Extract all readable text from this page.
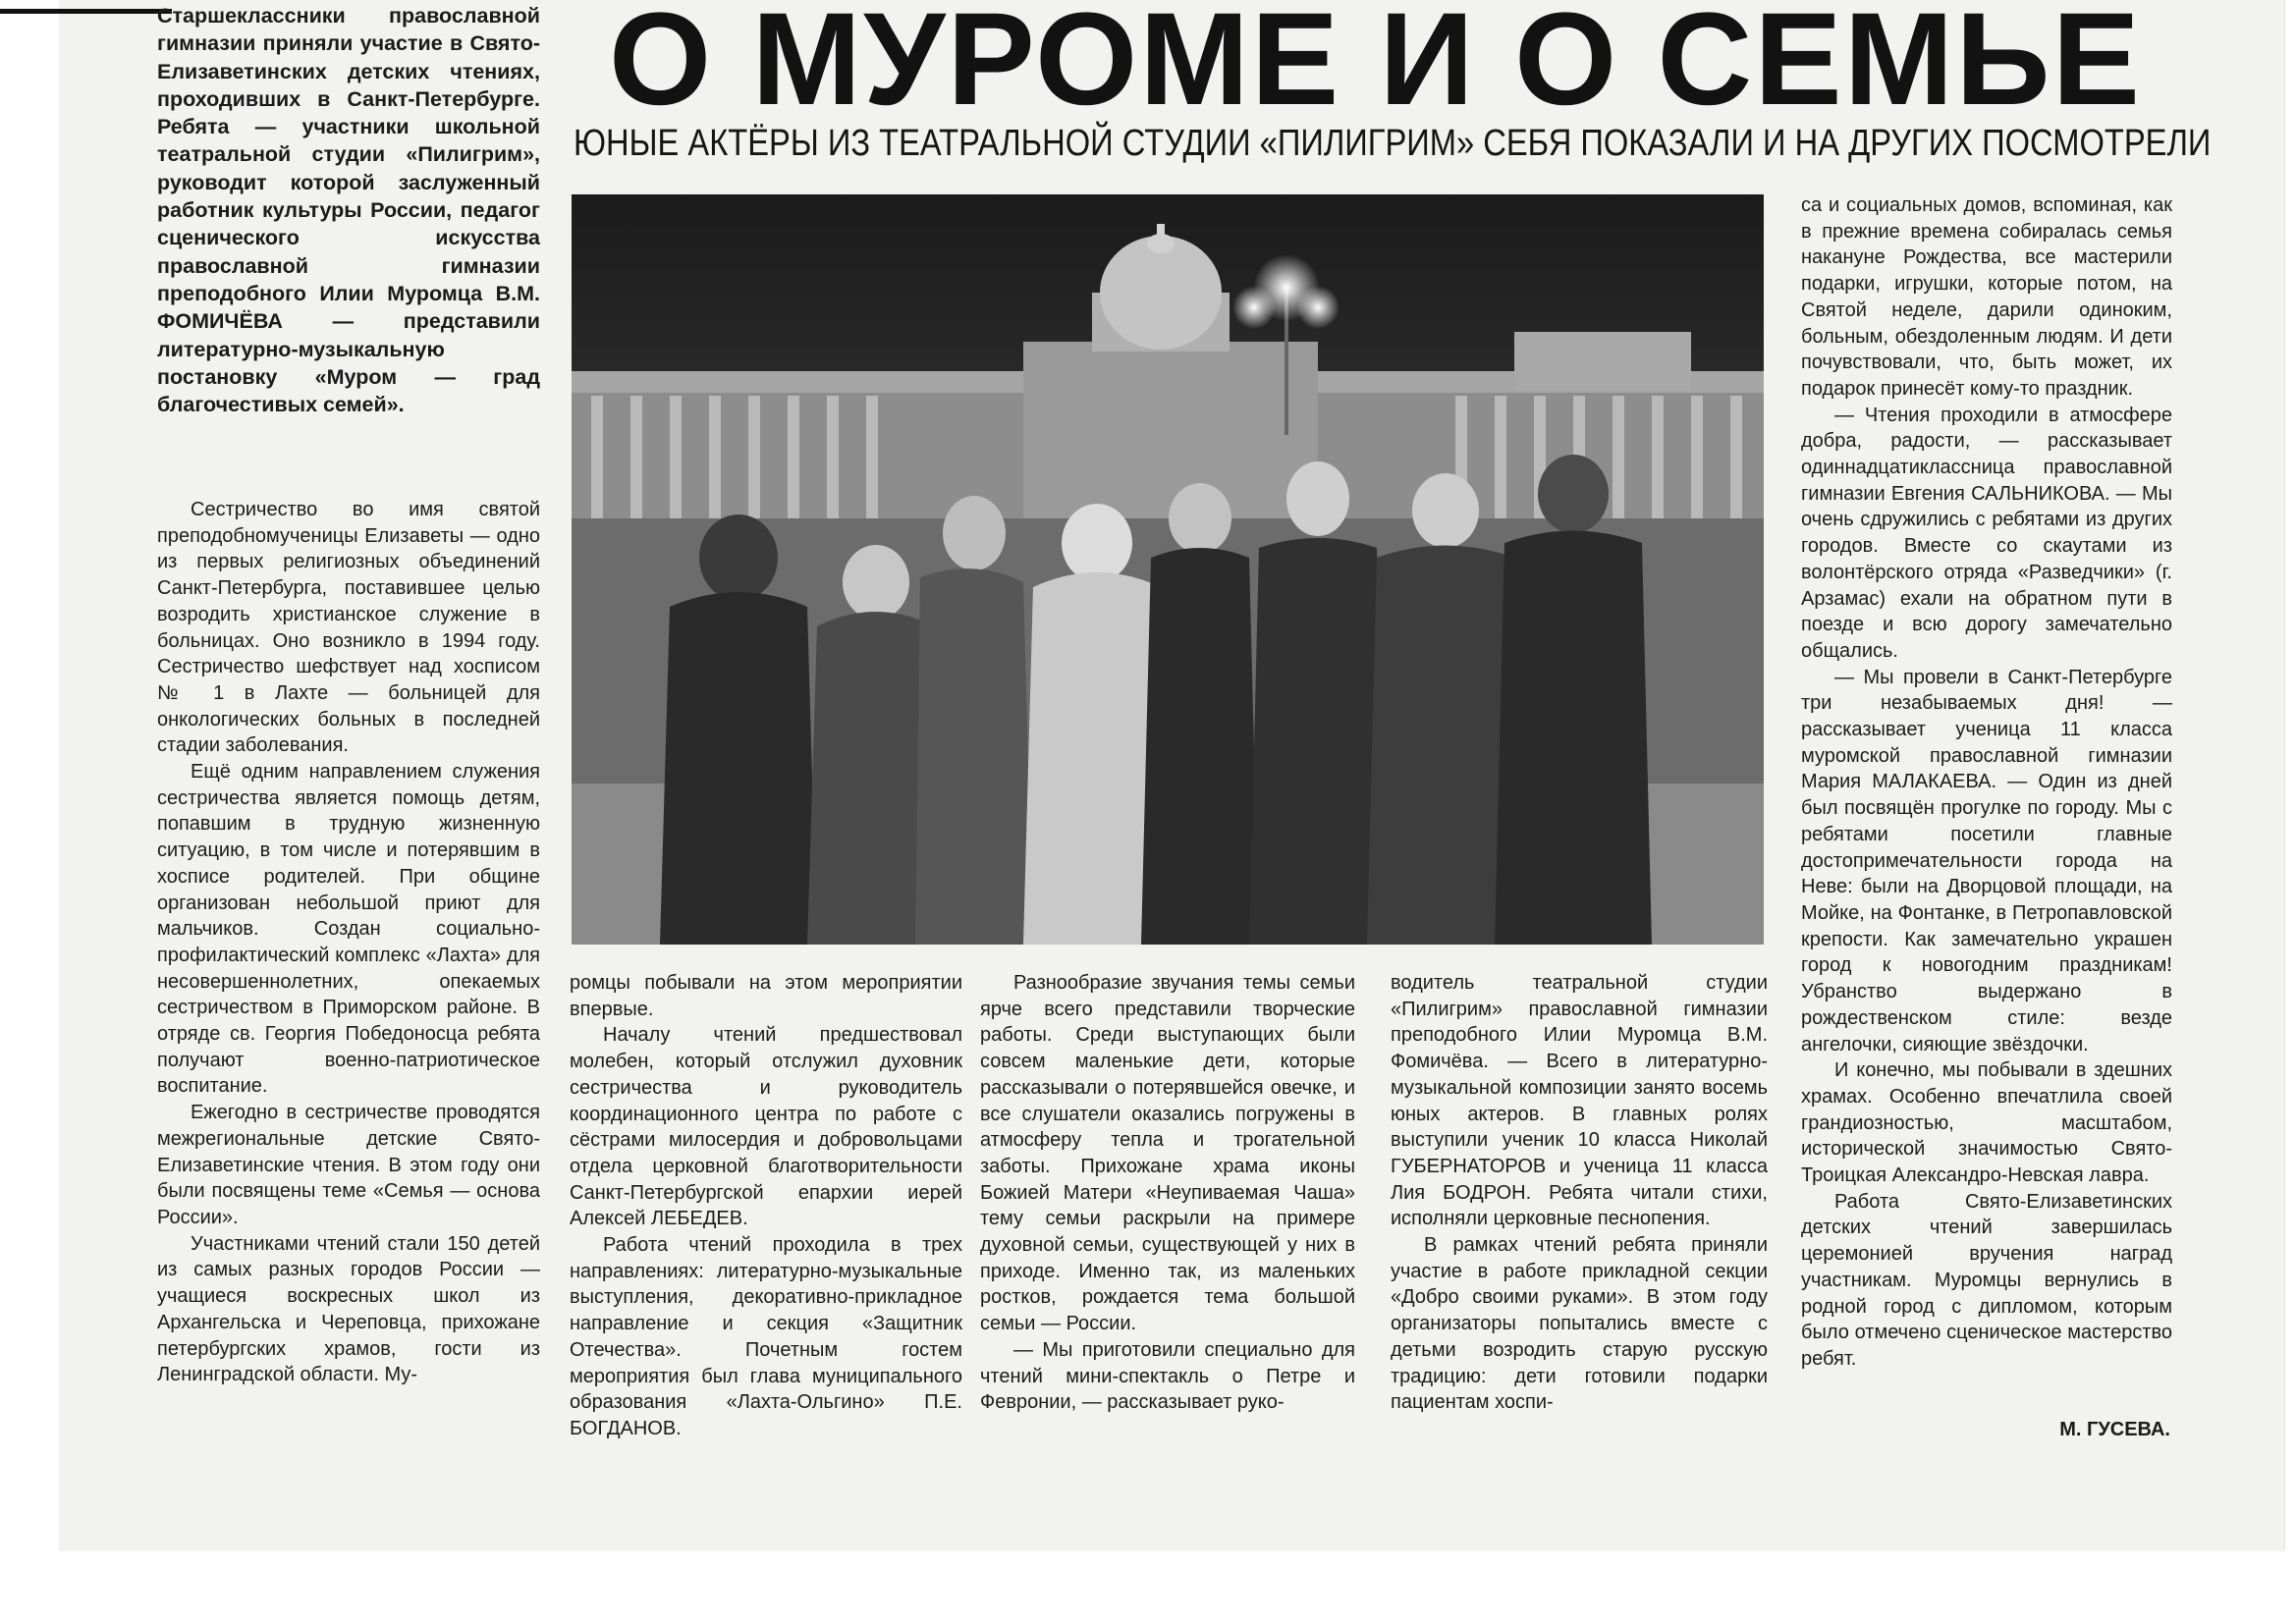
О МУРОМЕ И О СЕМЬЕ
ЮНЫЕ АКТЁРЫ ИЗ ТЕАТРАЛЬНОЙ СТУДИИ «ПИЛИГРИМ» СЕБЯ ПОКАЗАЛИ И НА ДРУГИХ ПОСМОТРЕЛИ

Старшеклассники православной гимназии приняли участие в Свято-Елизаветинских детских чтениях, проходивших в Санкт-Петербурге. Ребята — участники школьной театральной студии «Пилигрим», руководит которой заслуженный работник культуры России, педагог сценического искусства православной гимназии преподобного Илии Муромца В.М. ФОМИЧЁВА — представили литературно-музыкальную постановку «Муром — град благочестивых семей».

Сестричество во имя святой преподобномученицы Елизаветы — одно из первых религиозных объединений Санкт-Петербурга, поставившее целью возродить христианское служение в больницах. Оно возникло в 1994 году. Сестричество шефствует над хосписом № 1 в Лахте — больницей для онкологических больных в последней стадии заболевания.

Ещё одним направлением служения сестричества является помощь детям, попавшим в трудную жизненную ситуацию, в том числе и потерявшим в хосписе родителей. При общине организован небольшой приют для мальчиков. Создан социально-профилактический комплекс «Лахта» для несовершеннолетних, опекаемых сестричеством в Приморском районе. В отряде св. Георгия Победоносца ребята получают военно-патриотическое воспитание.

Ежегодно в сестричестве проводятся межрегиональные детские Свято-Елизаветинские чтения. В этом году они были посвящены теме «Семья — основа России».

Участниками чтений стали 150 детей из самых разных городов России — учащиеся воскресных школ из Архангельска и Череповца, прихожане петербургских храмов, гости из Ленинградской области. Му-

ромцы побывали на этом мероприятии впервые.

Началу чтений предшествовал молебен, который отслужил духовник сестричества и руководитель координационного центра по работе с сёстрами милосердия и добровольцами отдела церковной благотворительности Санкт-Петербургской епархии иерей Алексей ЛЕБЕДЕВ.

Работа чтений проходила в трех направлениях: литературно-музыкальные выступления, декоративно-прикладное направление и секция «Защитник Отечества». Почетным гостем мероприятия был глава муниципального образования «Лахта-Ольгино» П.Е. БОГДАНОВ.

Разнообразие звучания темы семьи ярче всего представили творческие работы. Среди выступающих были совсем маленькие дети, которые рассказывали о потерявшейся овечке, и все слушатели оказались погружены в атмосферу тепла и трогательной заботы. Прихожане храма иконы Божией Матери «Неупиваемая Чаша» тему семьи раскрыли на примере духовной семьи, существующей у них в приходе. Именно так, из маленьких ростков, рождается тема большой семьи — России.

— Мы приготовили специально для чтений мини-спектакль о Петре и Февронии, — рассказывает руко-

водитель театральной студии «Пилигрим» православной гимназии преподобного Илии Муромца В.М. Фомичёва. — Всего в литературно-музыкальной композиции занято восемь юных актеров. В главных ролях выступили ученик 10 класса Николай ГУБЕРНАТОРОВ и ученица 11 класса Лия БОДРОН. Ребята читали стихи, исполняли церковные песнопения.

В рамках чтений ребята приняли участие в работе прикладной секции «Добро своими руками». В этом году организаторы попытались вместе с детьми возродить старую русскую традицию: дети готовили подарки пациентам хоспи-

са и социальных домов, вспоминая, как в прежние времена собиралась семья накануне Рождества, все мастерили подарки, игрушки, которые потом, на Святой неделе, дарили одиноким, больным, обездоленным людям. И дети почувствовали, что, быть может, их подарок принесёт кому-то праздник.

— Чтения проходили в атмосфере добра, радости, — рассказывает одиннадцатиклассница православной гимназии Евгения САЛЬНИКОВА. — Мы очень сдружились с ребятами из других городов. Вместе со скаутами из волонтёрского отряда «Разведчики» (г. Арзамас) ехали на обратном пути в поезде и всю дорогу замечательно общались.

— Мы провели в Санкт-Петербурге три незабываемых дня! — рассказывает ученица 11 класса муромской православной гимназии Мария МАЛАКАЕВА. — Один из дней был посвящён прогулке по городу. Мы с ребятами посетили главные достопримечательности города на Неве: были на Дворцовой площади, на Мойке, на Фонтанке, в Петропавловской крепости. Как замечательно украшен город к новогодним праздникам! Убранство выдержано в рождественском стиле: везде ангелочки, сияющие звёздочки.

И конечно, мы побывали в здешних храмах. Особенно впечатлила своей грандиозностью, масштабом, исторической значимостью Свято-Троицкая Александро-Невская лавра.

Работа Свято-Елизаветинских детских чтений завершилась церемонией вручения наград участникам. Муромцы вернулись в родной город с дипломом, которым было отмечено сценическое мастерство ребят.

М. ГУСЕВА.
